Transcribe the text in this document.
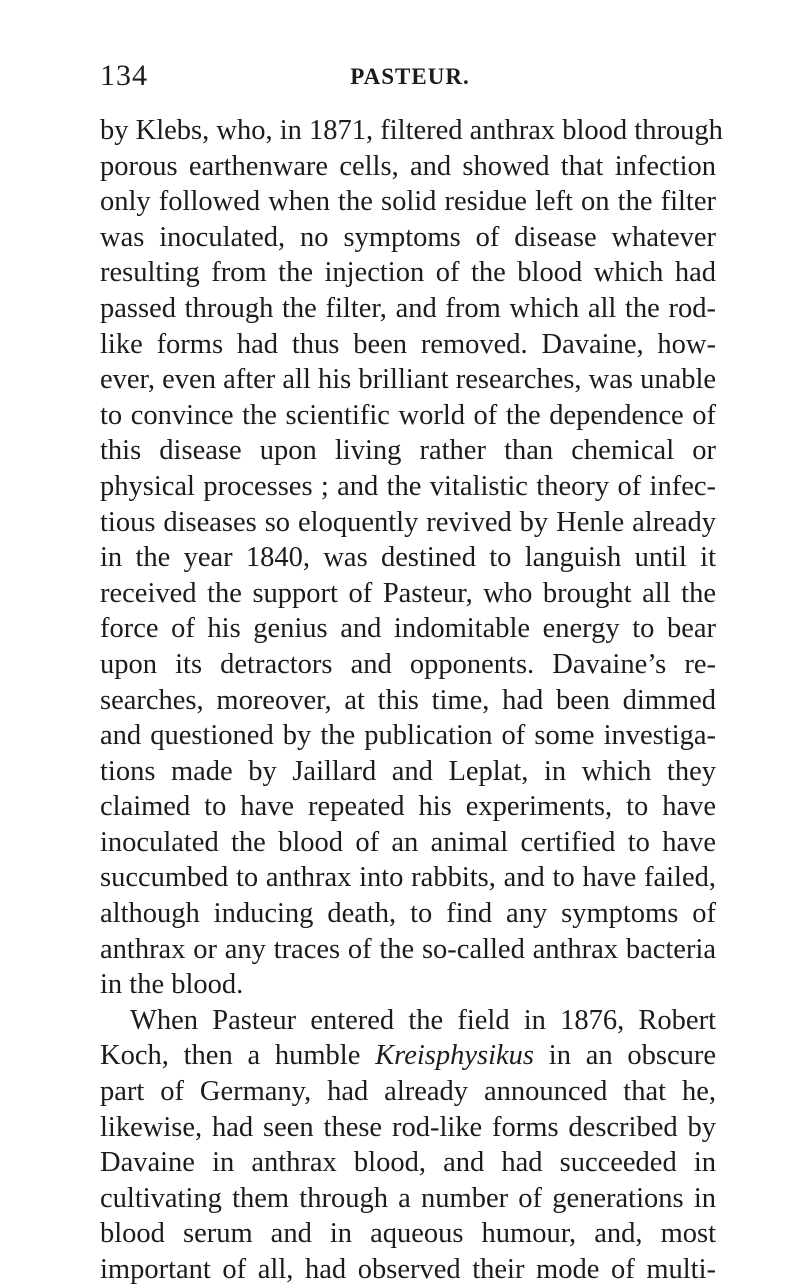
134	PASTEUR.
by Klebs, who, in 1871, filtered anthrax blood through
porous earthenware cells, and showed that infection
only followed when the solid residue left on the filter
was inoculated, no symptoms of disease whatever
resulting from the injection of the blood which had
passed through the filter, and from which all the rod-
like forms had thus been removed. Davaine, how-
ever, even after all his brilliant researches, was unable
to convince the scientific world of the dependence of
this disease upon living rather than chemical or
physical processes ; and the vitalistic theory of infec-
tious diseases so eloquently revived by Henle already
in the year 1840, was destined to languish until it
received the support of Pasteur, who brought all the
force of his genius and indomitable energy to bear
upon its detractors and opponents. Davaine’s re-
searches, moreover, at this time, had been dimmed
and questioned by the publication of some investiga-
tions made by Jaillard and Leplat, in which they
claimed to have repeated his experiments, to have
inoculated the blood of an animal certified to have
succumbed to anthrax into rabbits, and to have failed,
although inducing death, to find any symptoms of
anthrax or any traces of the so-called anthrax bacteria
in the blood.
When Pasteur entered the field in 1876, Robert
Koch, then a humble Kreisphysikus in an obscure
part of Germany, had already announced that he,
likewise, had seen these rod-like forms described by
Davaine in anthrax blood, and had succeeded in
cultivating them through a number of generations in
blood serum and in aqueous humour, and, most
important of all, had observed their mode of multi-
